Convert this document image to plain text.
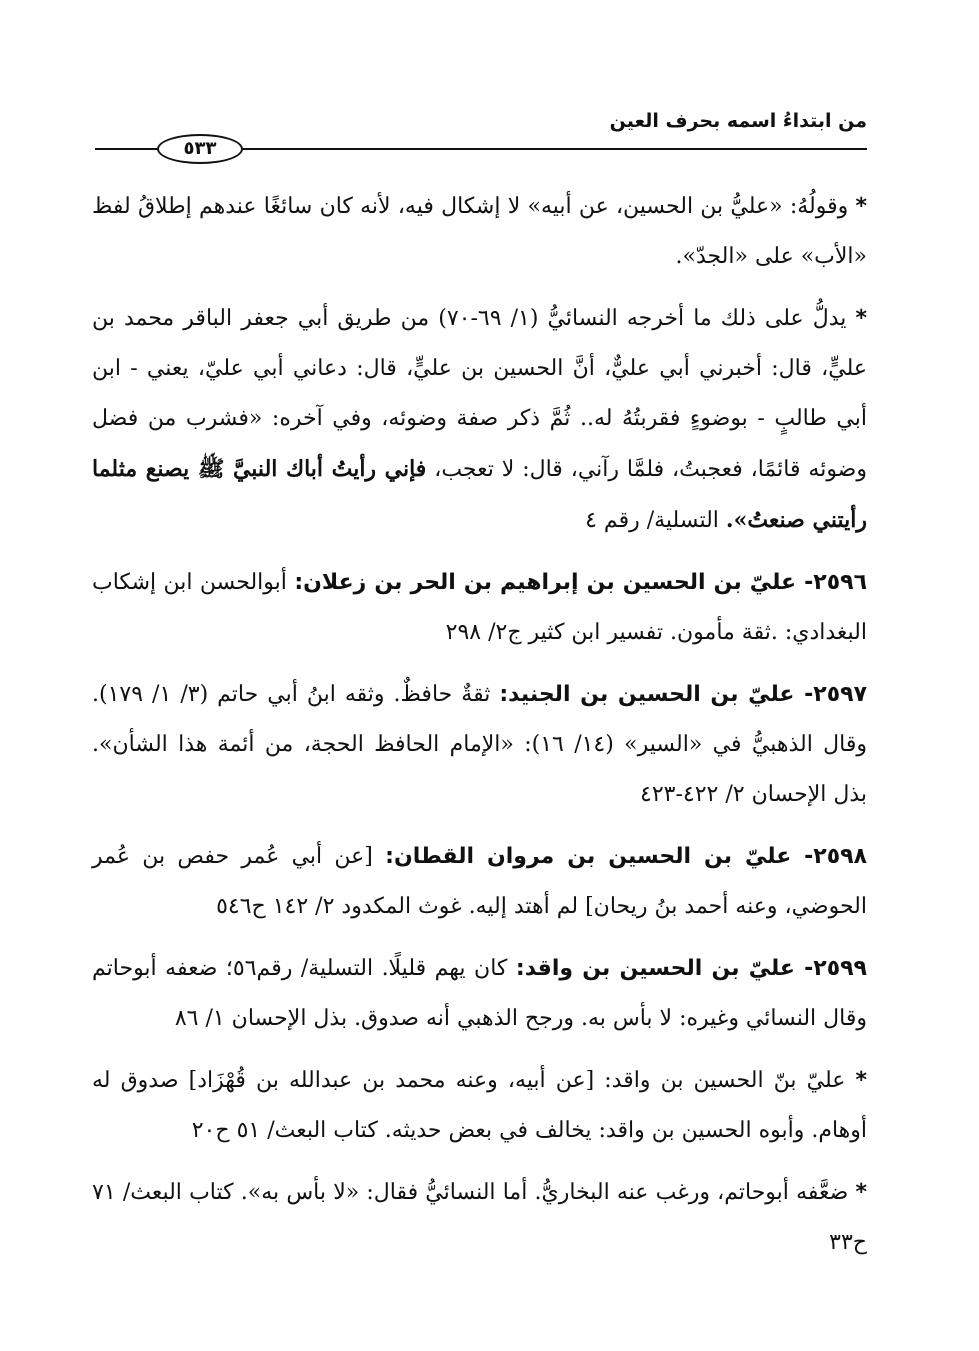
من ابتداءُ اسمه بحرف العين
٥٣٣

* وقولُهُ: «عليُّ بن الحسين، عن أبيه» لا إشكال فيه، لأنه كان سائغًا عندهم إطلاقُ لفظ «الأب» على «الجدّ».

* يدلُّ على ذلك ما أخرجه النسائيُّ (١/ ٦٩-٧٠) من طريق أبي جعفر الباقر محمد بن عليٍّ، قال: أخبرني أبي عليٌّ، أنَّ الحسين بن عليٍّ، قال: دعاني أبي عليّ، يعني - ابن أبي طالبٍ - بوضوءٍ فقربتُهُ له.. ثُمَّ ذكر صفة وضوئه، وفي آخره: «فشرب من فضل وضوئه قائمًا، فعجبتُ، فلمَّا رآني، قال: لا تعجب، فإني رأيتُ أباك النبيَّ ﷺ يصنع مثلما رأيتني صنعتُ». التسلية/ رقم ٤

٢٥٩٦- عليّ بن الحسين بن إبراهيم بن الحر بن زعلان: أبوالحسن ابن إشكاب البغدادي: .ثقة مأمون. تفسير ابن كثير ج٢/ ٢٩٨

٢٥٩٧- عليّ بن الحسين بن الجنيد: ثقةٌ حافظٌ. وثقه ابنُ أبي حاتم (٣/ ١/ ١٧٩). وقال الذهبيُّ في «السير» (١٤/ ١٦): «الإمام الحافظ الحجة، من أئمة هذا الشأن». بذل الإحسان ٢/ ٤٢٢-٤٢٣

٢٥٩٨- عليّ بن الحسين بن مروان القطان: [عن أبي عُمر حفص بن عُمر الحوضي، وعنه أحمد بنُ ريحان] لم أهتد إليه. غوث المكدود ٢/ ١٤٢ ح٥٤٦

٢٥٩٩- عليّ بن الحسين بن واقد: كان يهم قليلًا. التسلية/ رقم٥٦؛ ضعفه أبوحاتم وقال النسائي وغيره: لا بأس به. ورجح الذهبي أنه صدوق. بذل الإحسان ١/ ٨٦

* عليّ بنّ الحسين بن واقد: [عن أبيه، وعنه محمد بن عبدالله بن قُهْزَاد] صدوق له أوهام. وأبوه الحسين بن واقد: يخالف في بعض حديثه. كتاب البعث/ ٥١ ح٢٠

* ضعَّفه أبوحاتم، ورغب عنه البخاريُّ. أما النسائيُّ فقال: «لا بأس به». كتاب البعث/ ٧١ ح٣٣
